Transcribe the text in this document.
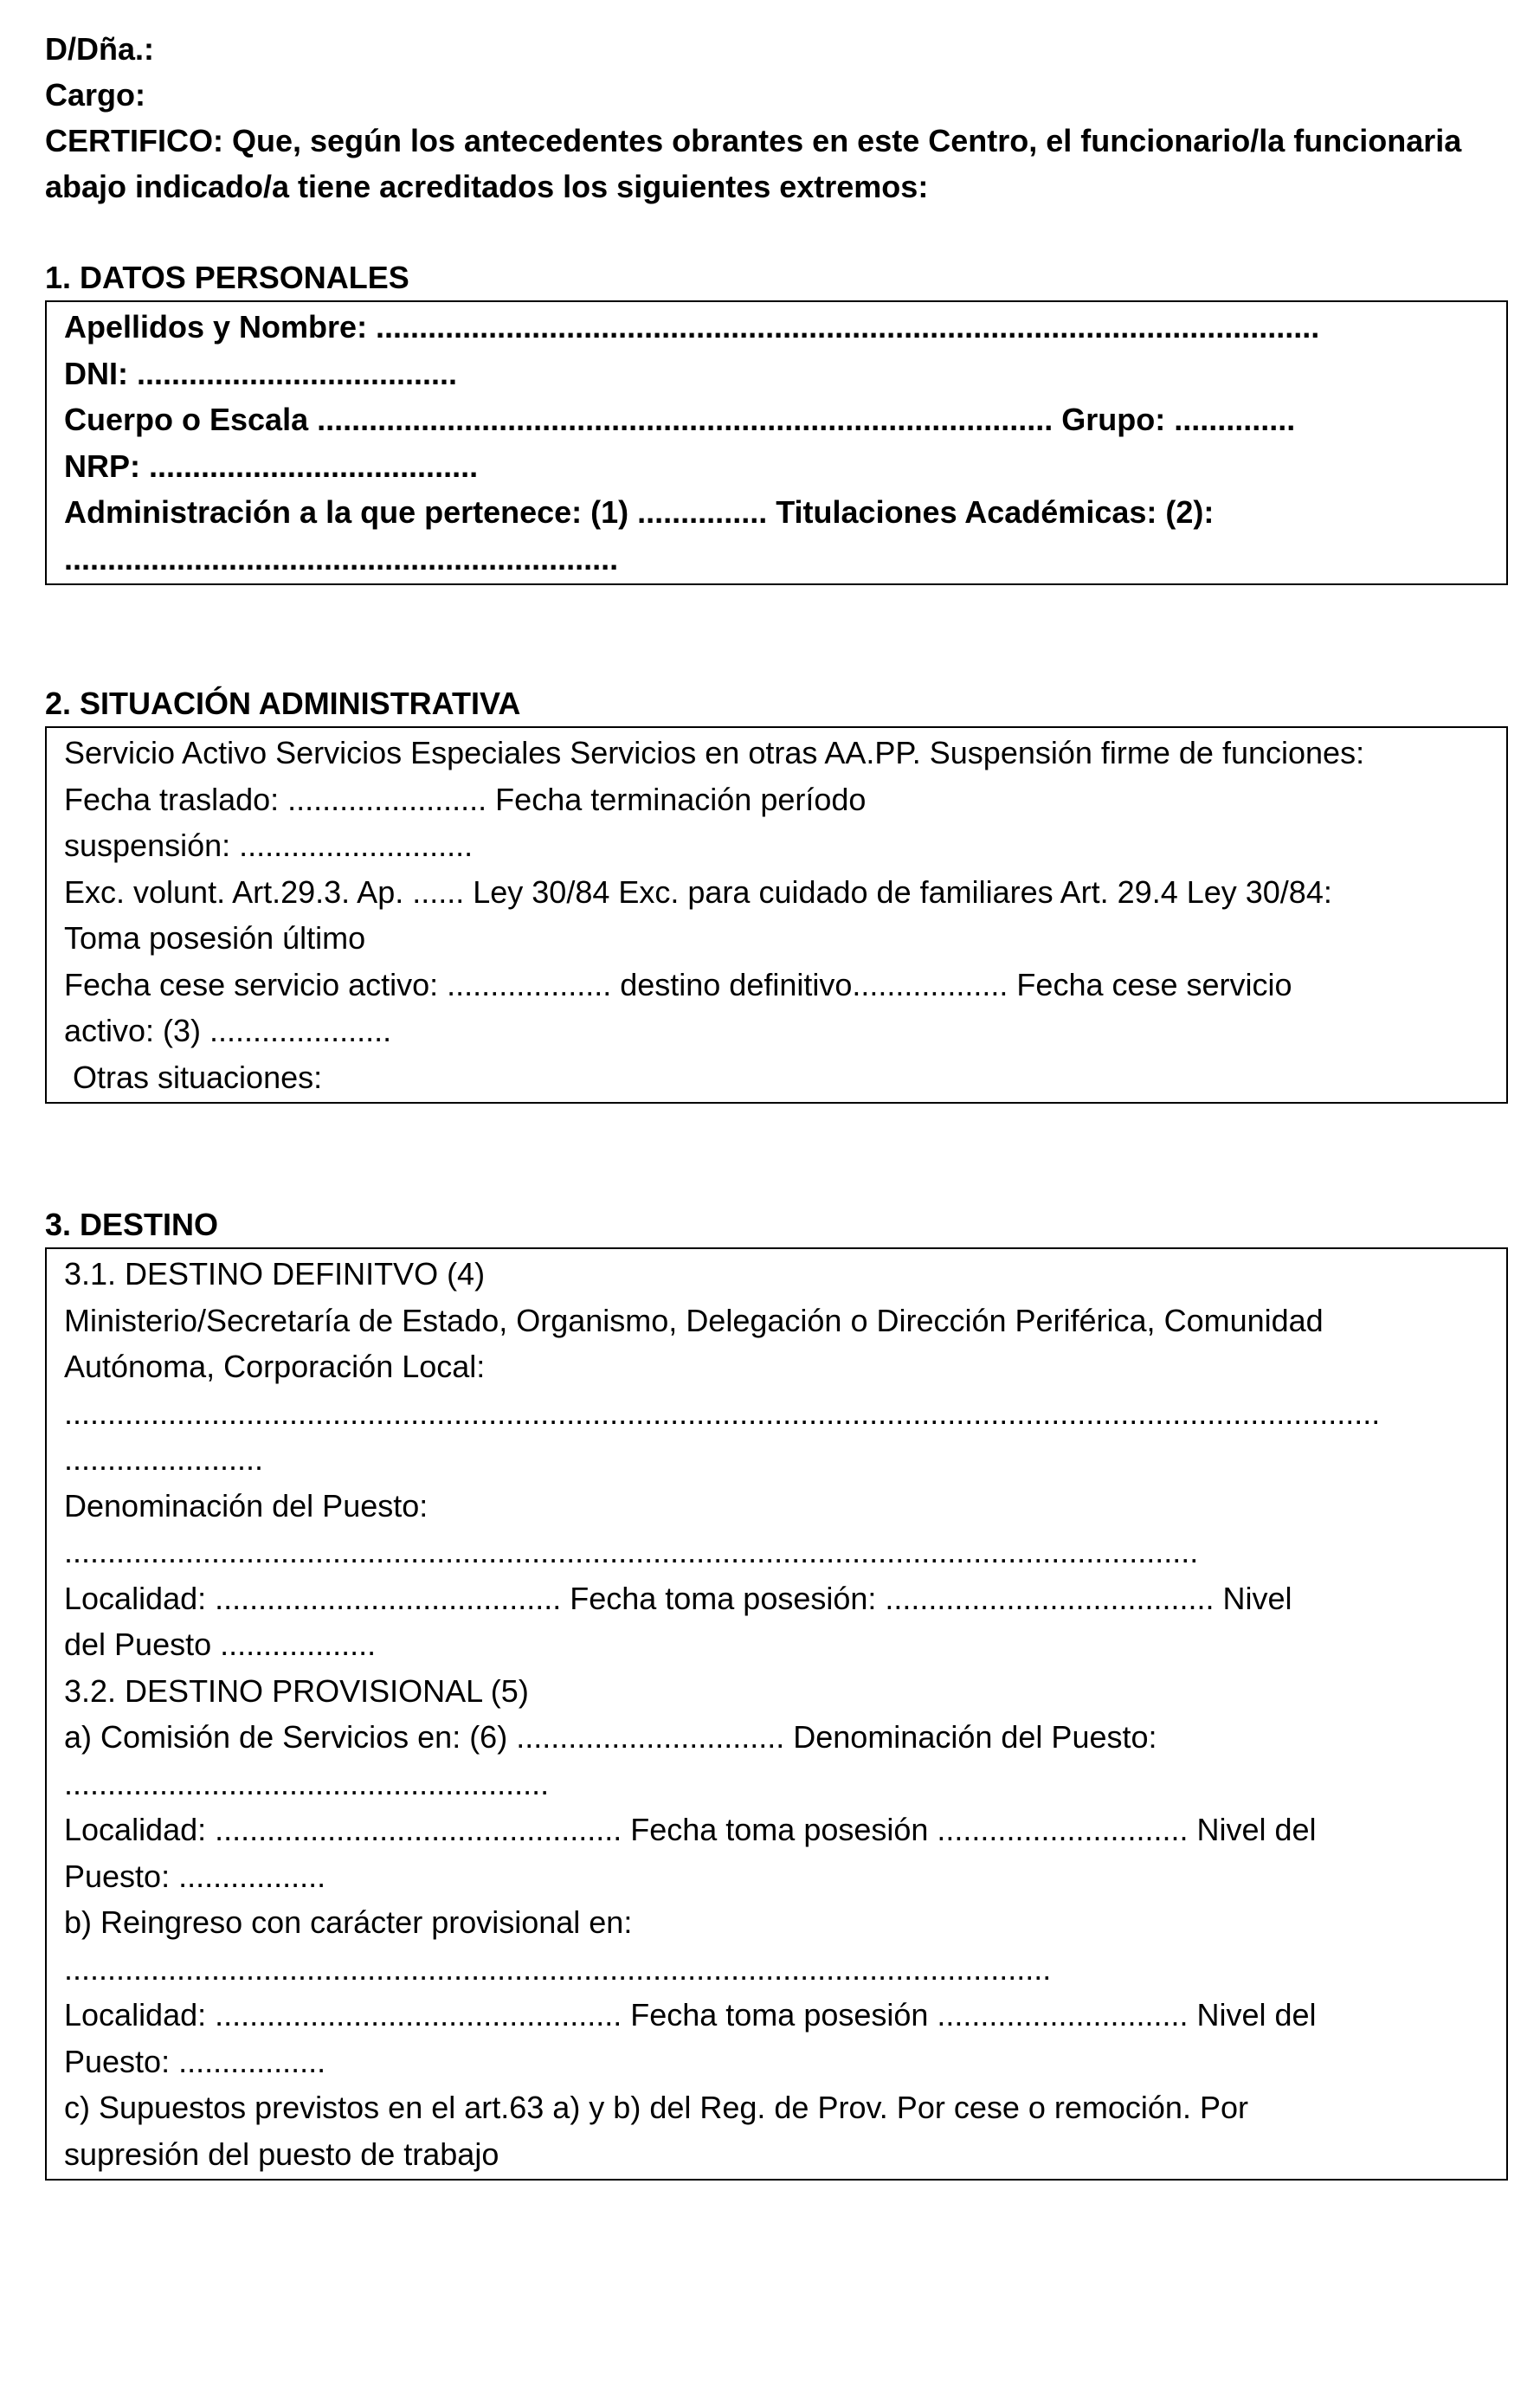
D/Dña.:
Cargo:
CERTIFICO: Que, según los antecedentes obrantes en este Centro, el funcionario/la funcionaria
abajo indicado/a tiene acreditados los siguientes extremos:
1. DATOS PERSONALES
Apellidos y Nombre: .............................................................................................................
DNI: .....................................
Cuerpo o Escala ..................................................................................... Grupo: ..............
NRP: ......................................
Administración a la que pertenece: (1) ............... Titulaciones Académicas: (2):
................................................................
2. SITUACIÓN ADMINISTRATIVA
Servicio Activo Servicios Especiales Servicios en otras AA.PP. Suspensión firme de funciones:
Fecha traslado: ....................... Fecha terminación período
suspensión: ...........................
Exc. volunt. Art.29.3. Ap. ...... Ley 30/84 Exc. para cuidado de familiares Art. 29.4 Ley 30/84:
Toma posesión último
Fecha cese servicio activo: ................... destino definitivo.................. Fecha cese servicio
activo: (3) .....................
Otras situaciones:
3. DESTINO
3.1. DESTINO DEFINITVO (4)
Ministerio/Secretaría de Estado, Organismo, Delegación o Dirección Periférica, Comunidad
Autónoma, Corporación Local:
........................................................................................................................................................
.......................
Denominación del Puesto:
...................................................................................................................................
Localidad: ........................................ Fecha toma posesión: ...................................... Nivel
del Puesto ..................
3.2. DESTINO PROVISIONAL (5)
a) Comisión de Servicios en: (6) ............................... Denominación del Puesto:
........................................................
Localidad: ............................................... Fecha toma posesión ............................. Nivel del
Puesto: .................
b) Reingreso con carácter provisional en:
..................................................................................................................
Localidad: ............................................... Fecha toma posesión ............................. Nivel del
Puesto: .................
c) Supuestos previstos en el art.63 a) y b) del Reg. de Prov. Por cese o remoción. Por
supresión del puesto de trabajo
